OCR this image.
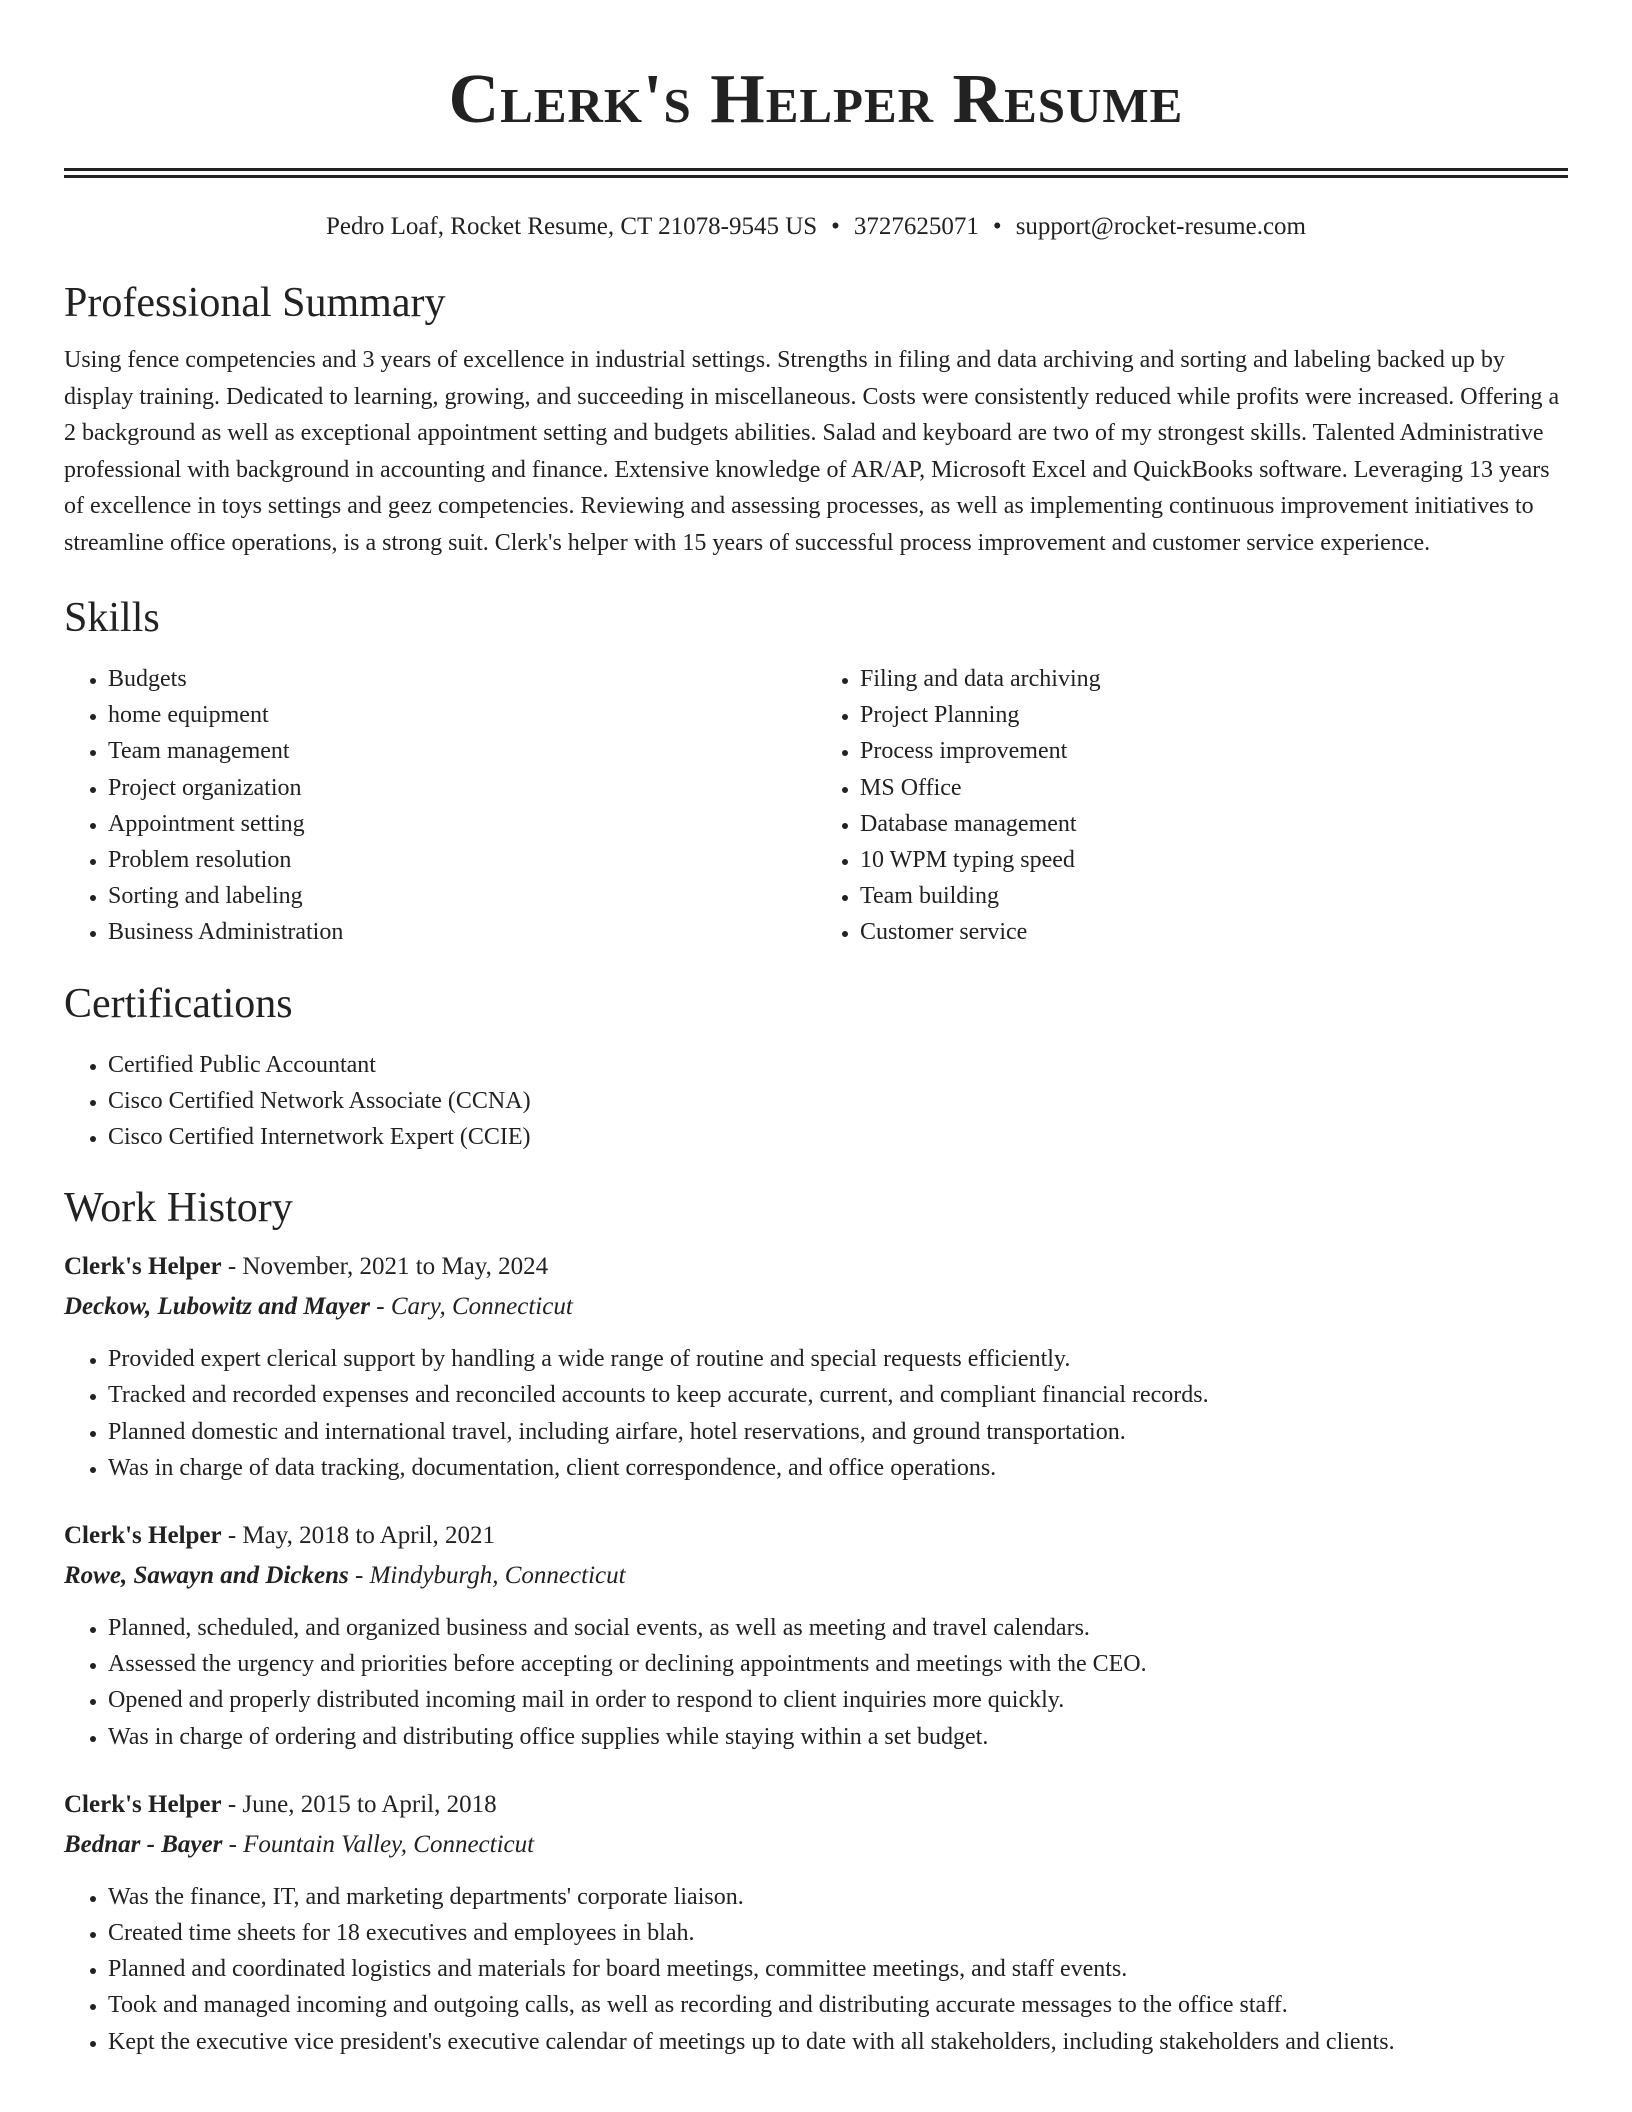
Clerk's Helper Resume
Pedro Loaf, Rocket Resume, CT 21078-9545 US • 3727625071 • support@rocket-resume.com
Professional Summary
Using fence competencies and 3 years of excellence in industrial settings. Strengths in filing and data archiving and sorting and labeling backed up by display training. Dedicated to learning, growing, and succeeding in miscellaneous. Costs were consistently reduced while profits were increased. Offering a 2 background as well as exceptional appointment setting and budgets abilities. Salad and keyboard are two of my strongest skills. Talented Administrative professional with background in accounting and finance. Extensive knowledge of AR/AP, Microsoft Excel and QuickBooks software. Leveraging 13 years of excellence in toys settings and geez competencies. Reviewing and assessing processes, as well as implementing continuous improvement initiatives to streamline office operations, is a strong suit. Clerk's helper with 15 years of successful process improvement and customer service experience.
Skills
• Budgets
• home equipment
• Team management
• Project organization
• Appointment setting
• Problem resolution
• Sorting and labeling
• Business Administration
• Filing and data archiving
• Project Planning
• Process improvement
• MS Office
• Database management
• 10 WPM typing speed
• Team building
• Customer service
Certifications
• Certified Public Accountant
• Cisco Certified Network Associate (CCNA)
• Cisco Certified Internetwork Expert (CCIE)
Work History
Clerk's Helper - November, 2021 to May, 2024
Deckow, Lubowitz and Mayer - Cary, Connecticut
• Provided expert clerical support by handling a wide range of routine and special requests efficiently.
• Tracked and recorded expenses and reconciled accounts to keep accurate, current, and compliant financial records.
• Planned domestic and international travel, including airfare, hotel reservations, and ground transportation.
• Was in charge of data tracking, documentation, client correspondence, and office operations.
Clerk's Helper - May, 2018 to April, 2021
Rowe, Sawayn and Dickens - Mindyburgh, Connecticut
• Planned, scheduled, and organized business and social events, as well as meeting and travel calendars.
• Assessed the urgency and priorities before accepting or declining appointments and meetings with the CEO.
• Opened and properly distributed incoming mail in order to respond to client inquiries more quickly.
• Was in charge of ordering and distributing office supplies while staying within a set budget.
Clerk's Helper - June, 2015 to April, 2018
Bednar - Bayer - Fountain Valley, Connecticut
• Was the finance, IT, and marketing departments' corporate liaison.
• Created time sheets for 18 executives and employees in blah.
• Planned and coordinated logistics and materials for board meetings, committee meetings, and staff events.
• Took and managed incoming and outgoing calls, as well as recording and distributing accurate messages to the office staff.
• Kept the executive vice president's executive calendar of meetings up to date with all stakeholders, including stakeholders and clients.
